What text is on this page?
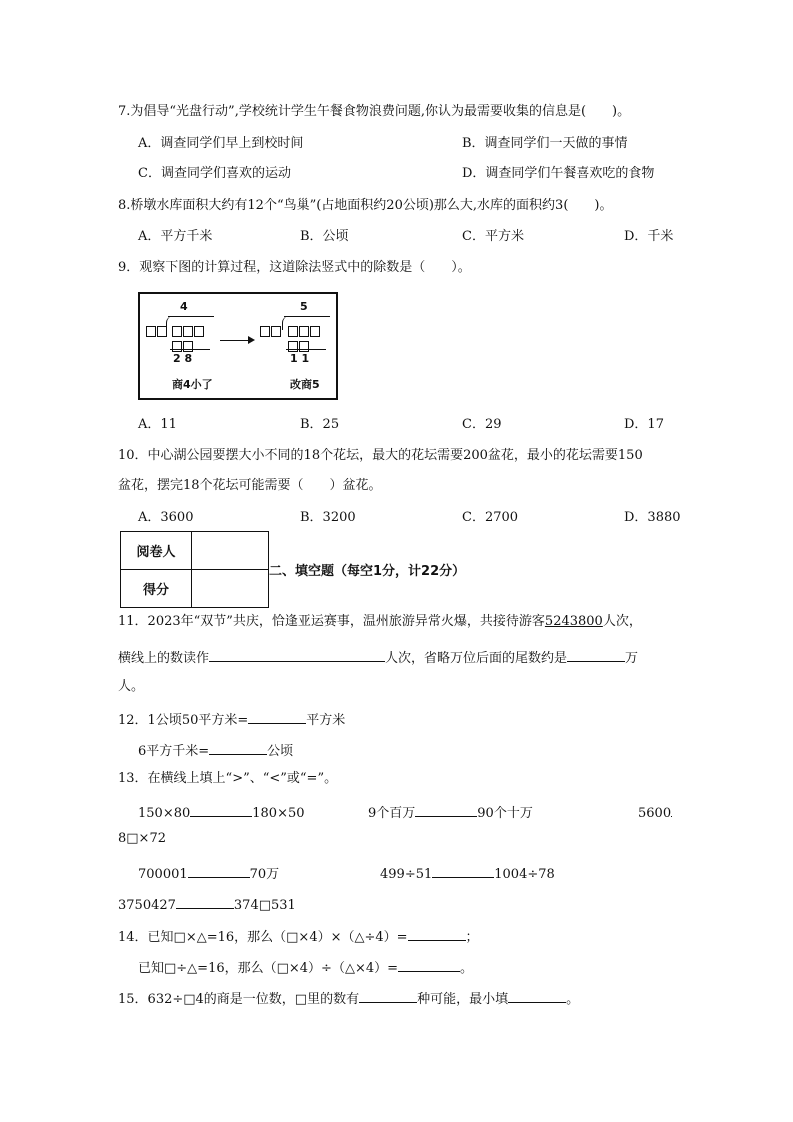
7.为倡导“光盘行动”,学校统计学生午餐食物浪费问题,你认为最需要收集的信息是(　　)。
A．调查同学们早上到校时间	B．调查同学们一天做的事情
C．调查同学们喜欢的运动	D．调查同学们午餐喜欢吃的食物
8.桥墩水库面积大约有12个“鸟巢”(占地面积约20公顷)那么大,水库的面积约3(　　)。
A．平方千米	B．公顷	C．平方米	D．千米
9．观察下图的计算过程，这道除法竖式中的除数是（　　）。
4
2 8
商4小了
5
1 1
改商5
A．11	B．25	C．29	D．17
10．中心湖公园要摆大小不同的18个花坛，最大的花坛需要200盆花，最小的花坛需要150
盆花，摆完18个花坛可能需要（　　）盆花。
A．3600	B．3200	C．2700	D．3880
阅卷人	
得分	
二、填空题（每空1分，计22分）
11．2023年“双节”共庆，恰逢亚运赛事，温州旅游异常火爆，共接待游客5243800人次，
横线上的数读作	人次，省略万位后面的尾数约是	万
人。
12．1公顷50平方米=	平方米
6平方千米=	公顷
13．在横线上填上“>”、“<”或“=”。
150×80	180×50	9个百万	90个十万	5600
8□×72
700001	70万	499÷51	1004÷78
3750427	374□531
14．已知□×△=16，那么（□×4）×（△÷4）=	；
已知□÷△=16，那么（□×4）÷（△×4）=	。
15．632÷□4的商是一位数，□里的数有	种可能，最小填	。
